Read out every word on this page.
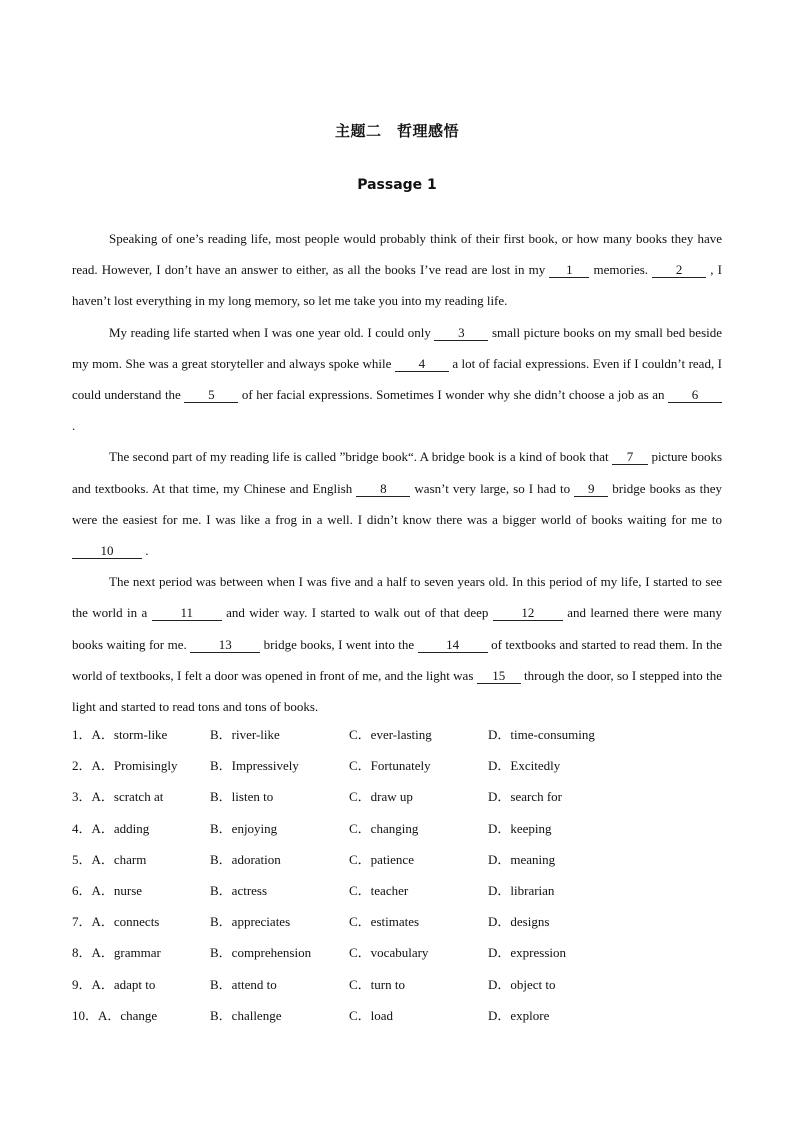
主题二　哲理感悟
Passage 1

Speaking of one’s reading life, most people would probably think of their first book, or how many books they have read. However, I don’t have an answer to either, as all the books I’ve read are lost in my 1 memories. 2 , I haven’t lost everything in my long memory, so let me take you into my reading life.

My reading life started when I was one year old. I could only 3 small picture books on my small bed beside my mom. She was a great storyteller and always spoke while 4 a lot of facial expressions. Even if I couldn’t read, I could understand the 5 of her facial expressions. Sometimes I wonder why she didn’t choose a job as an 6 .

The second part of my reading life is called ”bridge book“. A bridge book is a kind of book that 7 picture books and textbooks. At that time, my Chinese and English 8 wasn’t very large, so I had to 9 bridge books as they were the easiest for me. I was like a frog in a well. I didn’t know there was a bigger world of books waiting for me to 10 .

The next period was between when I was five and a half to seven years old. In this period of my life, I started to see the world in a 11 and wider way. I started to walk out of that deep 12 and learned there were many books waiting for me. 13 bridge books, I went into the 14 of textbooks and started to read them. In the world of textbooks, I felt a door was opened in front of me, and the light was 15 through the door, so I stepped into the light and started to read tons and tons of books.

1．A．storm-like	B．river-like	C．ever-lasting	D．time-consuming
2．A．Promisingly	B．Impressively	C．Fortunately	D．Excitedly
3．A．scratch at	B．listen to	C．draw up	D．search for
4．A．adding	B．enjoying	C．changing	D．keeping
5．A．charm	B．adoration	C．patience	D．meaning
6．A．nurse	B．actress	C．teacher	D．librarian
7．A．connects	B．appreciates	C．estimates	D．designs
8．A．grammar	B．comprehension	C．vocabulary	D．expression
9．A．adapt to	B．attend to	C．turn to	D．object to
10．A．change	B．challenge	C．load	D．explore
